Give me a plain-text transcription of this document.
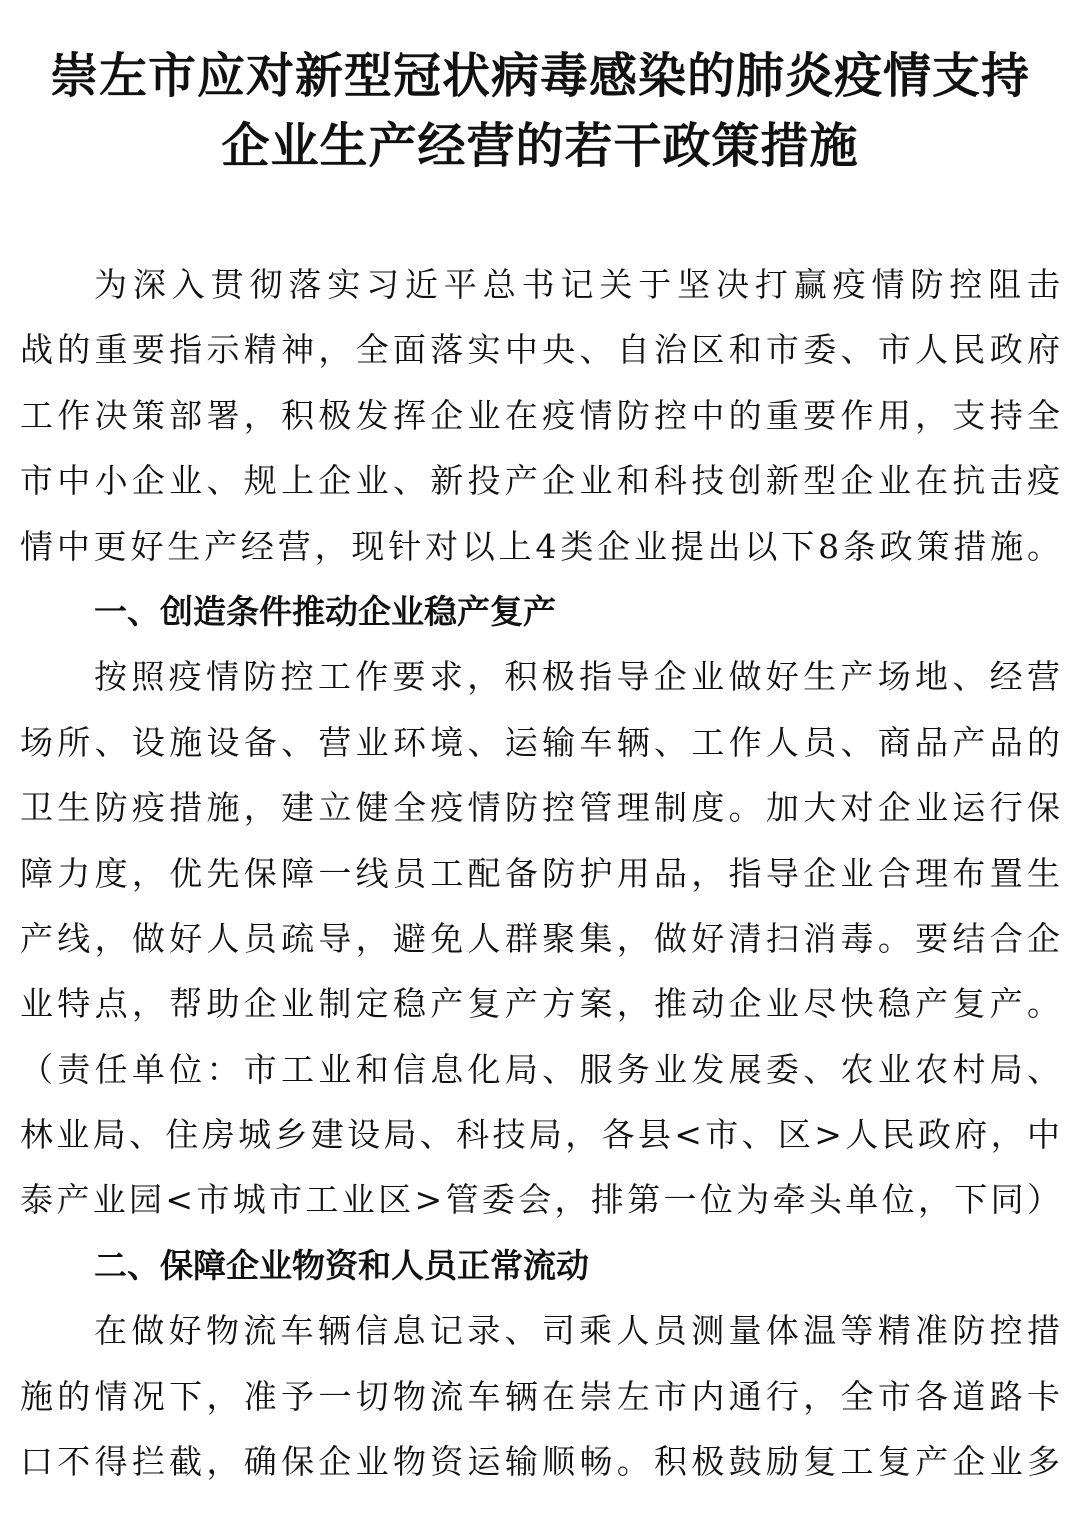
崇左市应对新型冠状病毒感染的肺炎疫情支持
企业生产经营的若干政策措施
为深入贯彻落实习近平总书记关于坚决打赢疫情防控阻击
战的重要指示精神，全面落实中央、自治区和市委、市人民政府
工作决策部署，积极发挥企业在疫情防控中的重要作用，支持全
市中小企业、规上企业、新投产企业和科技创新型企业在抗击疫
情中更好生产经营，现针对以上4类企业提出以下8条政策措施。
一、创造条件推动企业稳产复产
按照疫情防控工作要求，积极指导企业做好生产场地、经营
场所、设施设备、营业环境、运输车辆、工作人员、商品产品的
卫生防疫措施，建立健全疫情防控管理制度。加大对企业运行保
障力度，优先保障一线员工配备防护用品，指导企业合理布置生
产线，做好人员疏导，避免人群聚集，做好清扫消毒。要结合企
业特点，帮助企业制定稳产复产方案，推动企业尽快稳产复产。
（责任单位：市工业和信息化局、服务业发展委、农业农村局、
林业局、住房城乡建设局、科技局，各县<市、区>人民政府，中
泰产业园<市城市工业区>管委会，排第一位为牵头单位，下同）
二、保障企业物资和人员正常流动
在做好物流车辆信息记录、司乘人员测量体温等精准防控措
施的情况下，准予一切物流车辆在崇左市内通行，全市各道路卡
口不得拦截，确保企业物资运输顺畅。积极鼓励复工复产企业多
